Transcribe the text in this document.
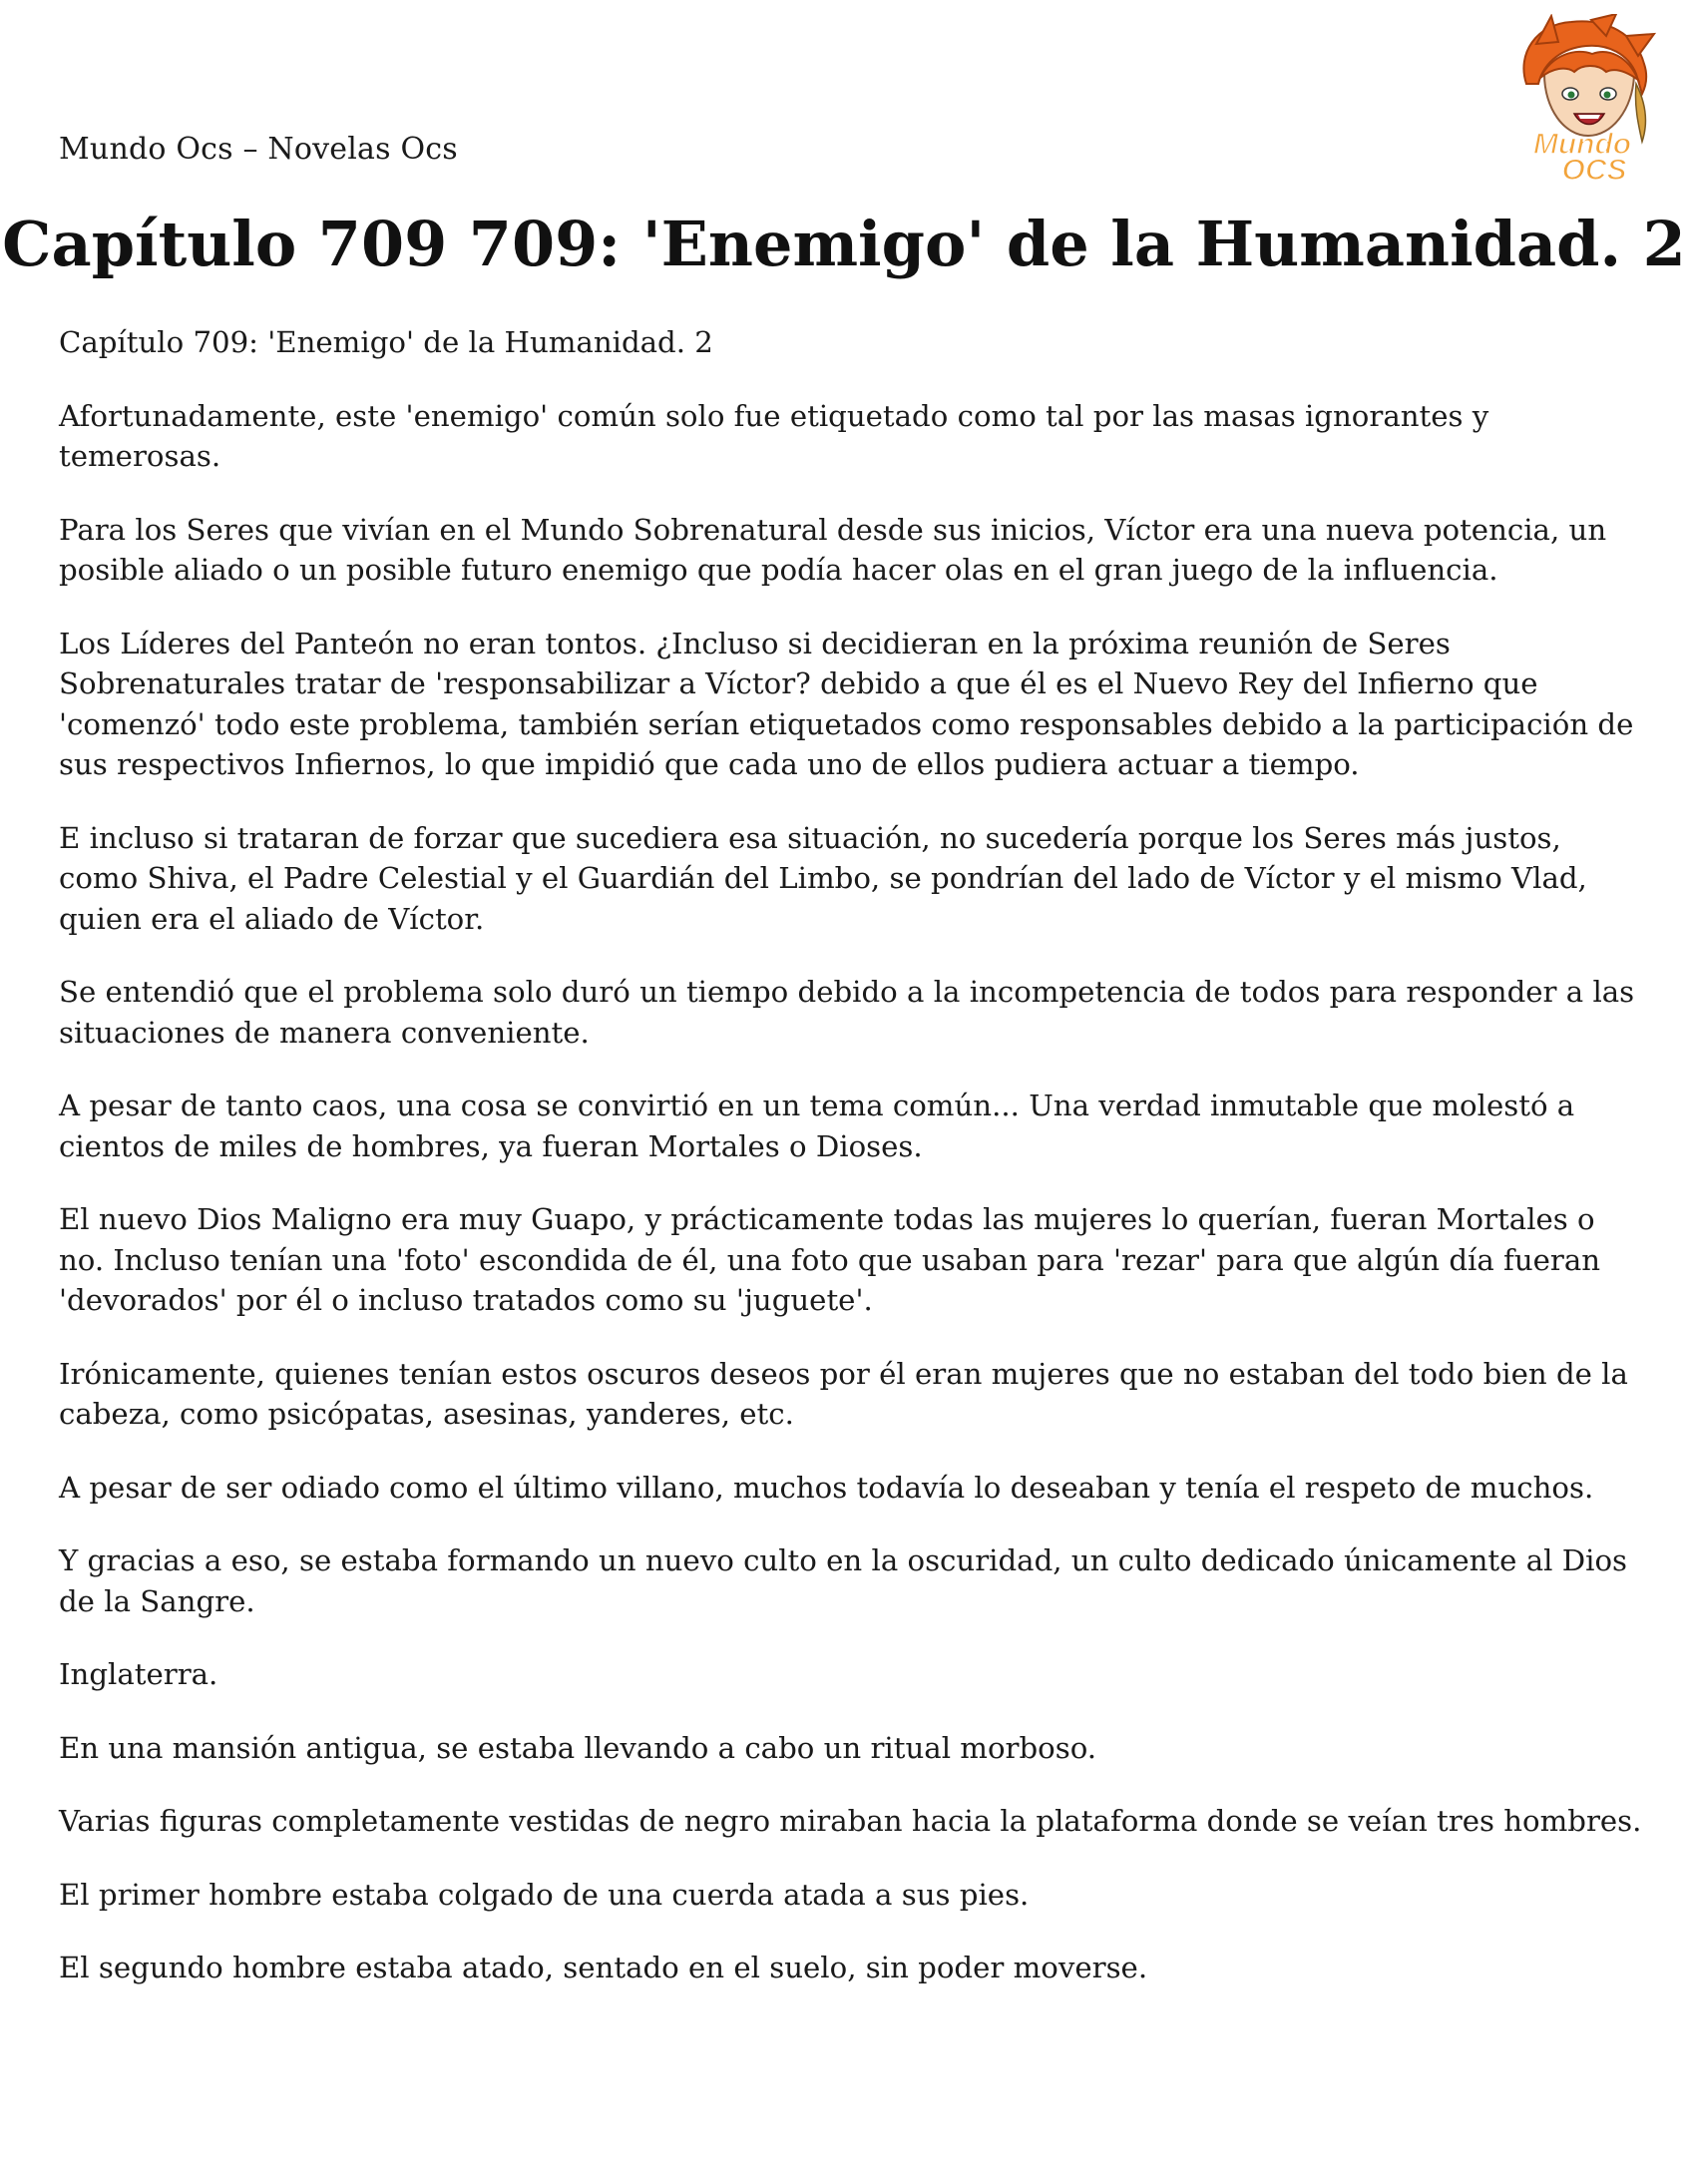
Mundo Ocs – Novelas Ocs	Mundo
OCS
Capítulo 709 709: 'Enemigo' de la Humanidad. 2

Capítulo 709: 'Enemigo' de la Humanidad. 2

Afortunadamente, este 'enemigo' común solo fue etiquetado como tal por las masas ignorantes y temerosas.

Para los Seres que vivían en el Mundo Sobrenatural desde sus inicios, Víctor era una nueva potencia, un posible aliado o un posible futuro enemigo que podía hacer olas en el gran juego de la influencia.

Los Líderes del Panteón no eran tontos. ¿Incluso si decidieran en la próxima reunión de Seres Sobrenaturales tratar de 'responsabilizar a Víctor? debido a que él es el Nuevo Rey del Infierno que 'comenzó' todo este problema, también serían etiquetados como responsables debido a la participación de sus respectivos Infiernos, lo que impidió que cada uno de ellos pudiera actuar a tiempo.

E incluso si trataran de forzar que sucediera esa situación, no sucedería porque los Seres más justos, como Shiva, el Padre Celestial y el Guardián del Limbo, se pondrían del lado de Víctor y el mismo Vlad, quien era el aliado de Víctor.

Se entendió que el problema solo duró un tiempo debido a la incompetencia de todos para responder a las situaciones de manera conveniente.

A pesar de tanto caos, una cosa se convirtió en un tema común... Una verdad inmutable que molestó a cientos de miles de hombres, ya fueran Mortales o Dioses.

El nuevo Dios Maligno era muy Guapo, y prácticamente todas las mujeres lo querían, fueran Mortales o no. Incluso tenían una 'foto' escondida de él, una foto que usaban para 'rezar' para que algún día fueran 'devorados' por él o incluso tratados como su 'juguete'.

Irónicamente, quienes tenían estos oscuros deseos por él eran mujeres que no estaban del todo bien de la cabeza, como psicópatas, asesinas, yanderes, etc.

A pesar de ser odiado como el último villano, muchos todavía lo deseaban y tenía el respeto de muchos.

Y gracias a eso, se estaba formando un nuevo culto en la oscuridad, un culto dedicado únicamente al Dios de la Sangre.

Inglaterra.

En una mansión antigua, se estaba llevando a cabo un ritual morboso.

Varias figuras completamente vestidas de negro miraban hacia la plataforma donde se veían tres hombres.

El primer hombre estaba colgado de una cuerda atada a sus pies.

El segundo hombre estaba atado, sentado en el suelo, sin poder moverse.
